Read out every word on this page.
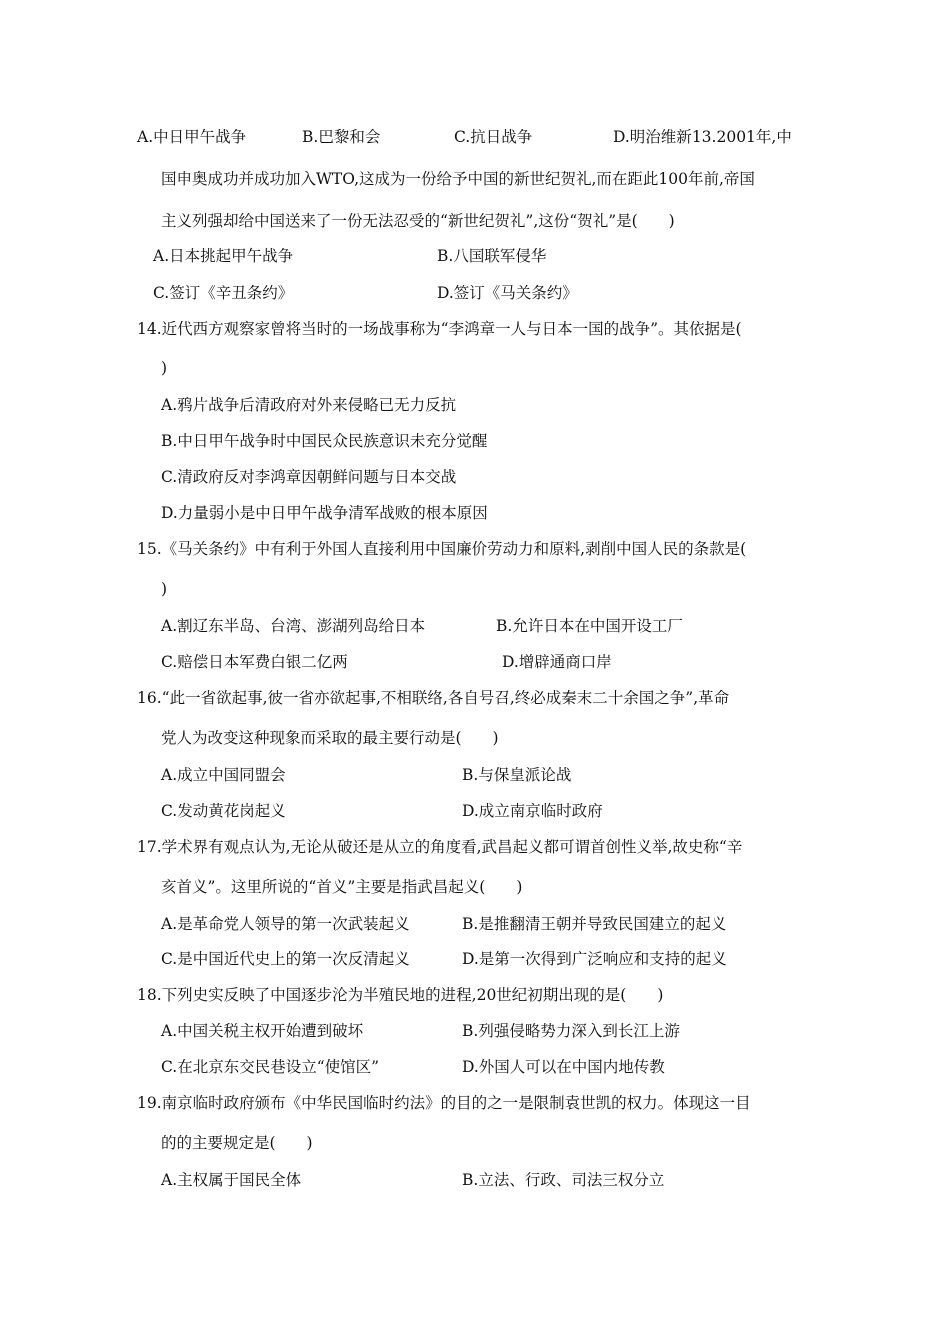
A.中日甲午战争	B.巴黎和会	C.抗日战争	D.明治维新13.2001年,中
国申奥成功并成功加入WTO,这成为一份给予中国的新世纪贺礼,而在距此100年前,帝国
主义列强却给中国送来了一份无法忍受的“新世纪贺礼”,这份“贺礼”是(　　)
A.日本挑起甲午战争	B.八国联军侵华
C.签订《辛丑条约》	D.签订《马关条约》
14.近代西方观察家曾将当时的一场战事称为“李鸿章一人与日本一国的战争”。其依据是(
)
A.鸦片战争后清政府对外来侵略已无力反抗
B.中日甲午战争时中国民众民族意识未充分觉醒
C.清政府反对李鸿章因朝鲜问题与日本交战
D.力量弱小是中日甲午战争清军战败的根本原因
15.《马关条约》中有利于外国人直接利用中国廉价劳动力和原料,剥削中国人民的条款是(
)
A.割辽东半岛、台湾、澎湖列岛给日本	B.允许日本在中国开设工厂
C.赔偿日本军费白银二亿两	D.增辟通商口岸
16.“此一省欲起事,彼一省亦欲起事,不相联络,各自号召,终必成秦末二十余国之争”,革命
党人为改变这种现象而采取的最主要行动是(　　)
A.成立中国同盟会	B.与保皇派论战
C.发动黄花岗起义	D.成立南京临时政府
17.学术界有观点认为,无论从破还是从立的角度看,武昌起义都可谓首创性义举,故史称“辛
亥首义”。这里所说的“首义”主要是指武昌起义(　　)
A.是革命党人领导的第一次武装起义	B.是推翻清王朝并导致民国建立的起义
C.是中国近代史上的第一次反清起义	D.是第一次得到广泛响应和支持的起义
18.下列史实反映了中国逐步沦为半殖民地的进程,20世纪初期出现的是(　　)
A.中国关税主权开始遭到破坏	B.列强侵略势力深入到长江上游
C.在北京东交民巷设立“使馆区”	D.外国人可以在中国内地传教
19.南京临时政府颁布《中华民国临时约法》的目的之一是限制袁世凯的权力。体现这一目
的的主要规定是(　　)
A.主权属于国民全体	B.立法、行政、司法三权分立
